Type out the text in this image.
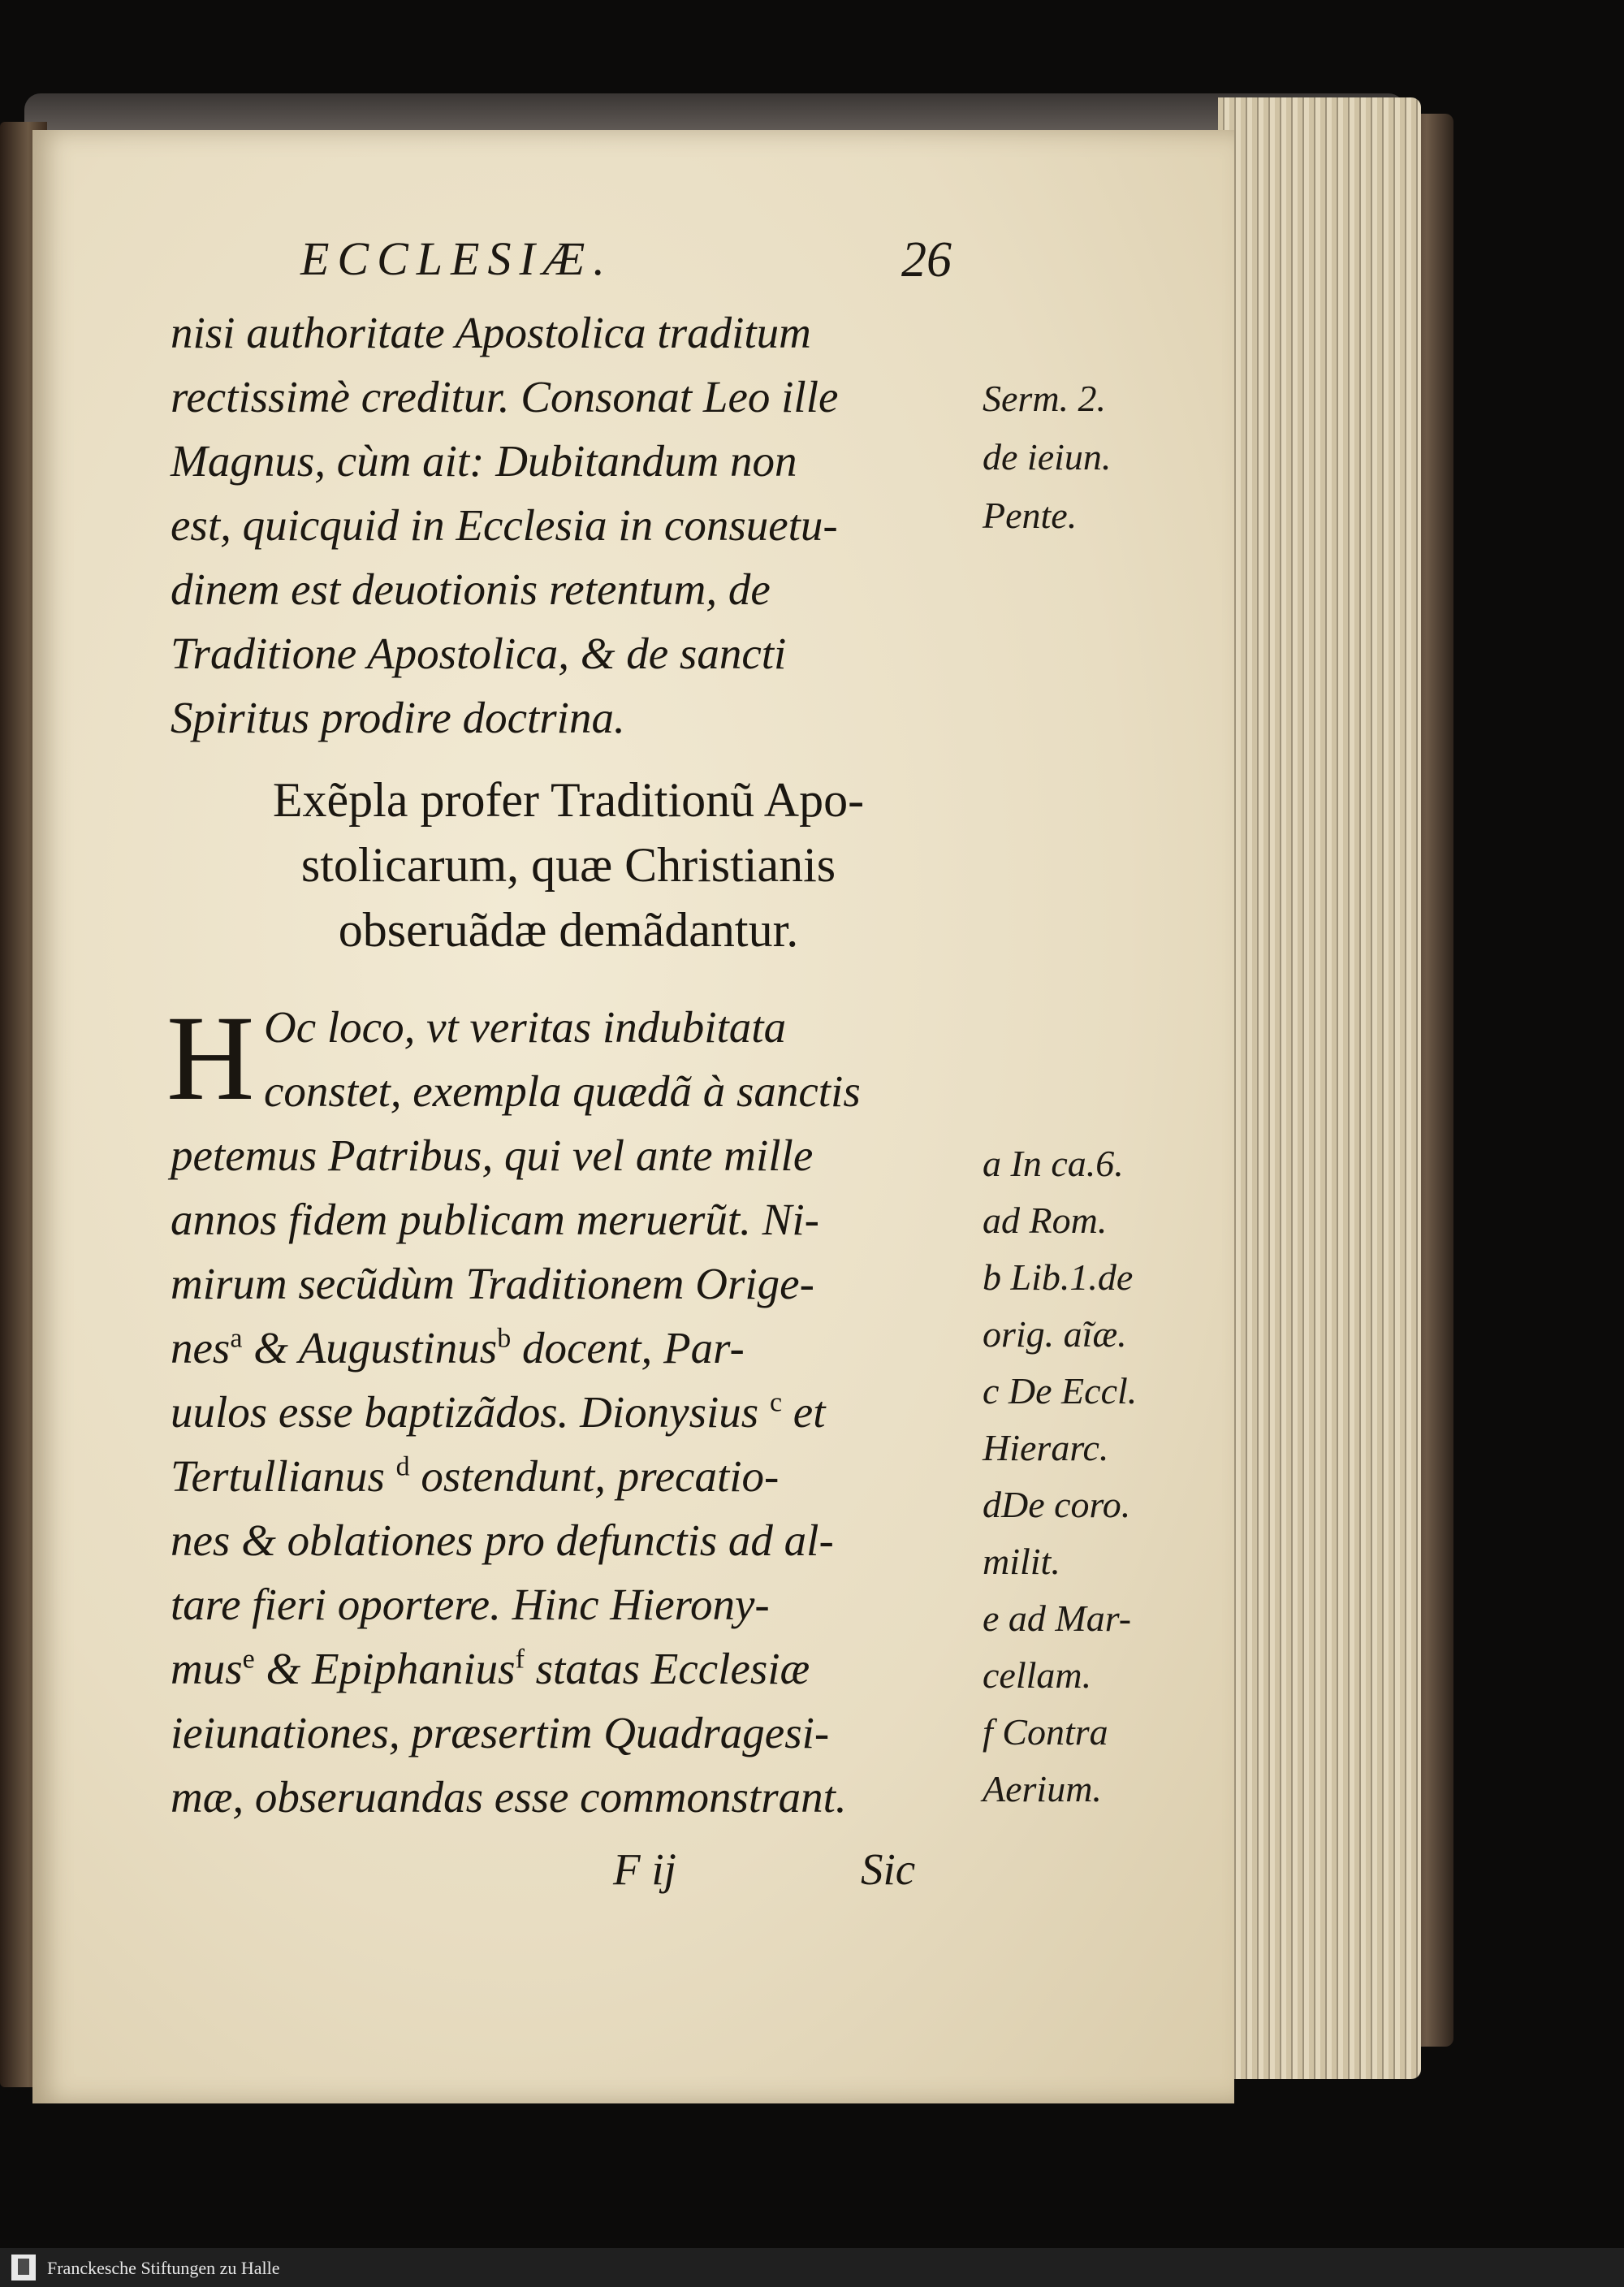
ECCLESIÆ.	26
nisi authoritate Apostolica traditum
rectissimè creditur. Consonat Leo ille
Magnus, cùm ait: Dubitandum non
est, quicquid in Ecclesia in consuetu-
dinem est deuotionis retentum, de
Traditione Apostolica, & de sancti
Spiritus prodire doctrina.
Exẽpla profer Traditionũ Apo-
stolicarum, quæ Christianis
obseruãdæ demãdantur.
H Oc loco, vt veritas indubitata
constet, exempla quædã à sanctis
petemus Patribus, qui vel ante mille
annos fidem publicam meruerũt. Ni-
mirum secũdùm Traditionem Orige-
nes$^a$ & Augustinus$^b$ docent, Par-
uulos esse baptizãdos. Dionysius $^c$ et
Tertullianus $^d$ ostendunt, precatio-
nes & oblationes pro defunctis ad al-
tare fieri oportere. Hinc Hierony-
mus$^e$ & Epiphanius$^f$ statas Ecclesiæ
ieiunationes, præsertim Quadragesi-
mæ, obseruandas esse commonstrant.
F ij	Sic
Serm. 2.
de ieiun.
Pente.
a In ca.6.
ad Rom.
b Lib.1.de
orig. aĩæ.
c De Eccl.
Hierarc.
dDe coro.
milit.
e ad Mar-
cellam.
f Contra
Aerium.
Franckesche Stiftungen zu Halle
